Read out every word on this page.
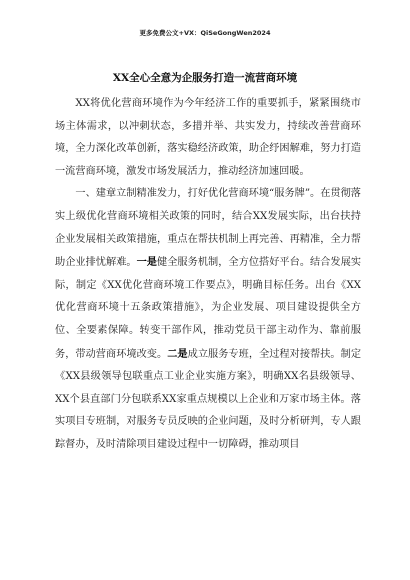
更多免费公文+VX：QiSeGongWen2024
XX全心全意为企服务打造一流营商环境

XX将优化营商环境作为今年经济工作的重要抓手，紧紧围绕市场主体需求，以冲刺状态，多措并举、共实发力，持续改善营商环境，全力深化改革创新，落实稳经济政策，助企纾困解难，努力打造一流营商环境，激发市场发展活力，推动经济加速回暖。

一、建章立制精准发力，打好优化营商环境“服务牌”。在贯彻落实上级优化营商环境相关政策的同时，结合XX发展实际，出台扶持企业发展相关政策措施，重点在帮扶机制上再完善、再精准，全力帮助企业排忧解难。一是健全服务机制，全方位搭好平台。结合发展实际，制定《XX优化营商环境工作要点》，明确目标任务。出台《XX优化营商环境十五条政策措施》，为企业发展、项目建设提供全方位、全要素保障。转变干部作风，推动党员干部主动作为、靠前服务，带动营商环境改变。二是成立服务专班，全过程对接帮扶。制定《XX县级领导包联重点工业企业实施方案》，明确XX名县级领导、XX个县直部门分包联系XX家重点规模以上企业和万家市场主体。落实项目专班制，对服务专员反映的企业问题，及时分析研判，专人跟踪督办，及时清除项目建设过程中一切障碍，推动项目
